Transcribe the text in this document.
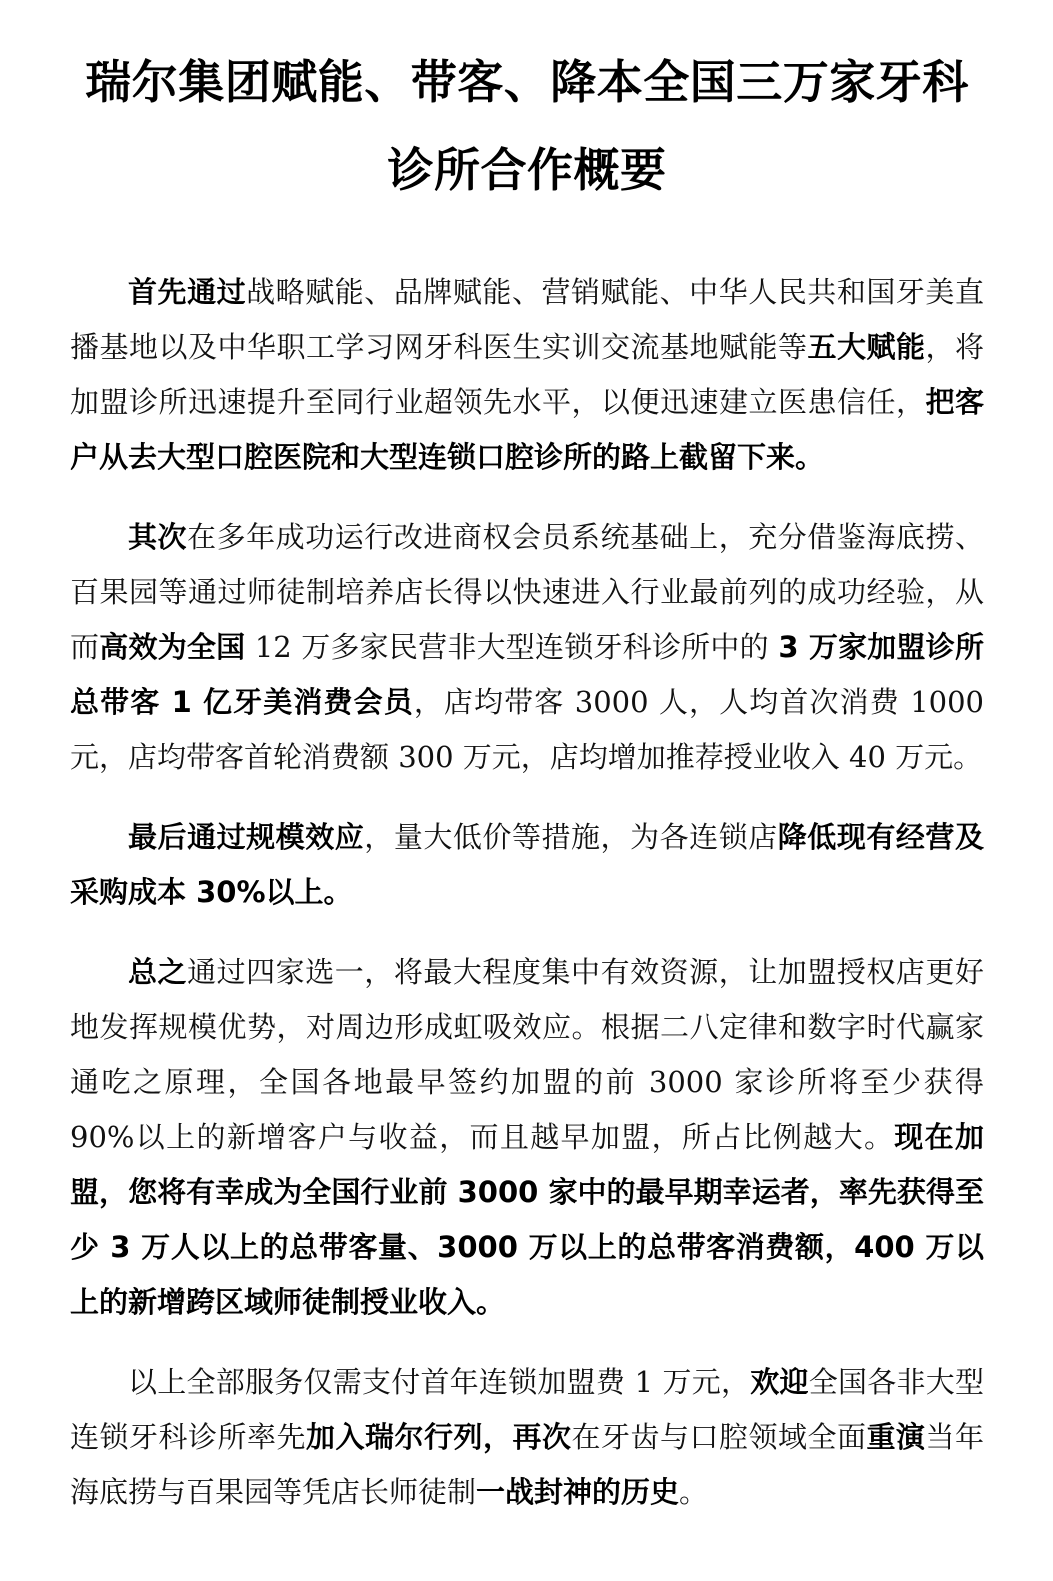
瑞尔集团赋能、带客、降本全国三万家牙科
诊所合作概要

首先通过战略赋能、品牌赋能、营销赋能、中华人民共和国牙美直播基地以及中华职工学习网牙科医生实训交流基地赋能等五大赋能，将加盟诊所迅速提升至同行业超领先水平，以便迅速建立医患信任，把客户从去大型口腔医院和大型连锁口腔诊所的路上截留下来。

其次在多年成功运行改进商权会员系统基础上，充分借鉴海底捞、百果园等通过师徒制培养店长得以快速进入行业最前列的成功经验，从而高效为全国 12 万多家民营非大型连锁牙科诊所中的 3 万家加盟诊所总带客 1 亿牙美消费会员，店均带客 3000 人，人均首次消费 1000 元，店均带客首轮消费额 300 万元，店均增加推荐授业收入 40 万元。

最后通过规模效应，量大低价等措施，为各连锁店降低现有经营及采购成本 30%以上。

总之通过四家选一，将最大程度集中有效资源，让加盟授权店更好地发挥规模优势，对周边形成虹吸效应。根据二八定律和数字时代赢家通吃之原理，全国各地最早签约加盟的前 3000 家诊所将至少获得 90%以上的新增客户与收益，而且越早加盟，所占比例越大。现在加盟，您将有幸成为全国行业前 3000 家中的最早期幸运者，率先获得至少 3 万人以上的总带客量、3000 万以上的总带客消费额，400 万以上的新增跨区域师徒制授业收入。

以上全部服务仅需支付首年连锁加盟费 1 万元，欢迎全国各非大型连锁牙科诊所率先加入瑞尔行列，再次在牙齿与口腔领域全面重演当年海底捞与百果园等凭店长师徒制一战封神的历史。
